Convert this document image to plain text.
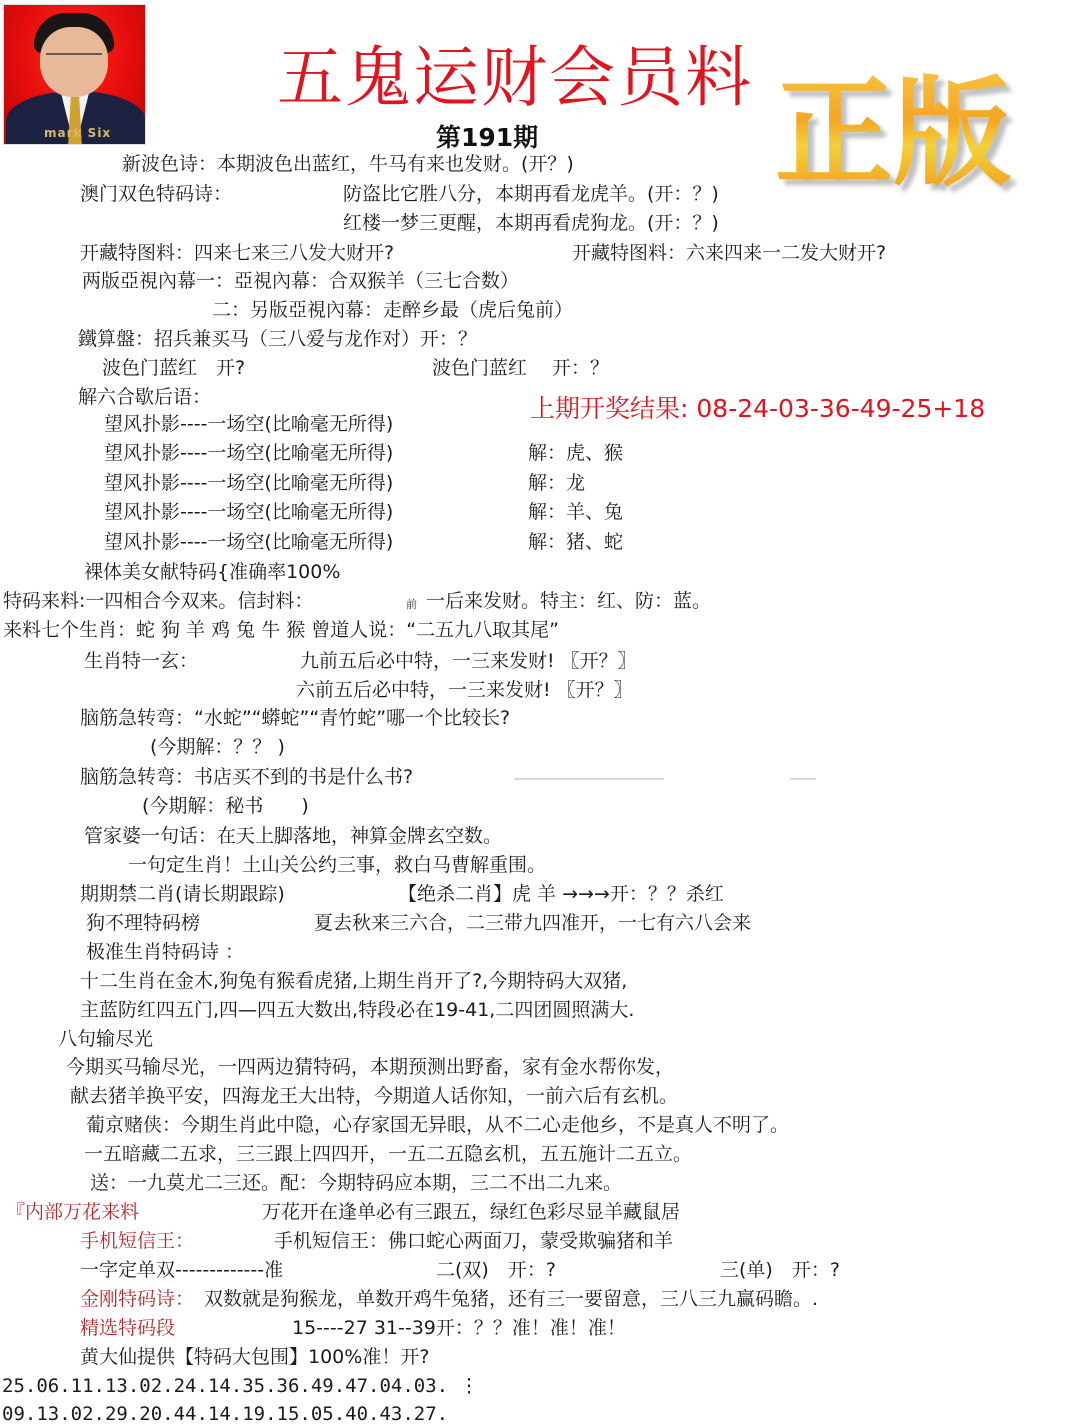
mark Six
五鬼运财会员料
第191期 正版
上期开奖结果: 08-24-03-36-49-25+18
新波色诗：本期波色出蓝红，牛马有来也发财。(开？)
澳门双色特码诗：	防盗比它胜八分，本期再看龙虎羊。(开：？)
红楼一梦三更醒，本期再看虎狗龙。(开：？)
开藏特图料：四来七来三八发大财开?	开藏特图料：六来四来一二发大财开?
两版亞視內幕一：亞視內幕：合双猴羊（三七合数）
二：另版亞視內幕：走醉乡最（虎后兔前）
鐵算盤：招兵兼买马（三八爱与龙作对）开：？
波色门蓝红　开?	波色门蓝红　 开：？
解六合歇后语：
望风扑影----一场空(比喻毫无所得)
望风扑影----一场空(比喻毫无所得)	解：虎、猴
望风扑影----一场空(比喻毫无所得)	解：龙
望风扑影----一场空(比喻毫无所得)	解：羊、兔
望风扑影----一场空(比喻毫无所得)	解：猪、蛇
裸体美女献特码{准确率100%
特码来料:一四相合今双来。信封料：	前 一后来发财。特主：红、防：蓝。
来料七个生肖：蛇 狗 羊 鸡 兔 牛 猴 曾道人说：“二五九八取其尾”
生肖特一玄：	九前五后必中特，一三来发财! 〖开？〗
六前五后必中特，一三来发财! 〖开？〗
脑筋急转弯：“水蛇”“蟒蛇”“青竹蛇”哪一个比较长?
(今期解：？？ )
脑筋急转弯：书店买不到的书是什么书?
(今期解：秘书　　)
管家婆一句话：在天上脚落地，神算金牌玄空数。
一句定生肖！土山关公约三事，救白马曹解重围。
期期禁二肖(请长期跟踪)	【绝杀二肖】虎 羊 →→→开：？？杀红
狗不理特码榜	夏去秋来三六合，二三带九四准开，一七有六八会来
极准生肖特码诗 ：
十二生肖在金木,狗兔有猴看虎猪,上期生肖开了?,今期特码大双猪,
主蓝防红四五门,四—四五大数出,特段必在19-41,二四团圆照满大.
八句输尽光
今期买马输尽光，一四两边猜特码，本期预测出野畜，家有金水帮你发，
献去猪羊换平安，四海龙王大出特，今期道人话你知，一前六后有玄机。
葡京赌侠：今期生肖此中隐，心存家国无异眼，从不二心走他乡，不是真人不明了。
一五暗藏二五求，三三跟上四四开，一五二五隐玄机，五五施计二五立。
送：一九莫尤二三还。配：今期特码应本期，三二不出二九来。
『内部万花来料	万花开在逢单必有三跟五，绿红色彩尽显羊藏鼠居
手机短信王：	手机短信王：佛口蛇心两面刀，蒙受欺骗猪和羊
一字定单双-------------准	二(双)　开：?	三(单)　开：?
金刚特码诗： 双数就是狗猴龙，单数开鸡牛兔猪，还有三一要留意，三八三九赢码瞻。.
精选特码段	15----27 31--39开：？？准！准！准！
黄大仙提供【特码大包围】100%准！开?
25.06.11.13.02.24.14.35.36.49.47.04.03. ⋮
09.13.02.29.20.44.14.19.15.05.40.43.27.
